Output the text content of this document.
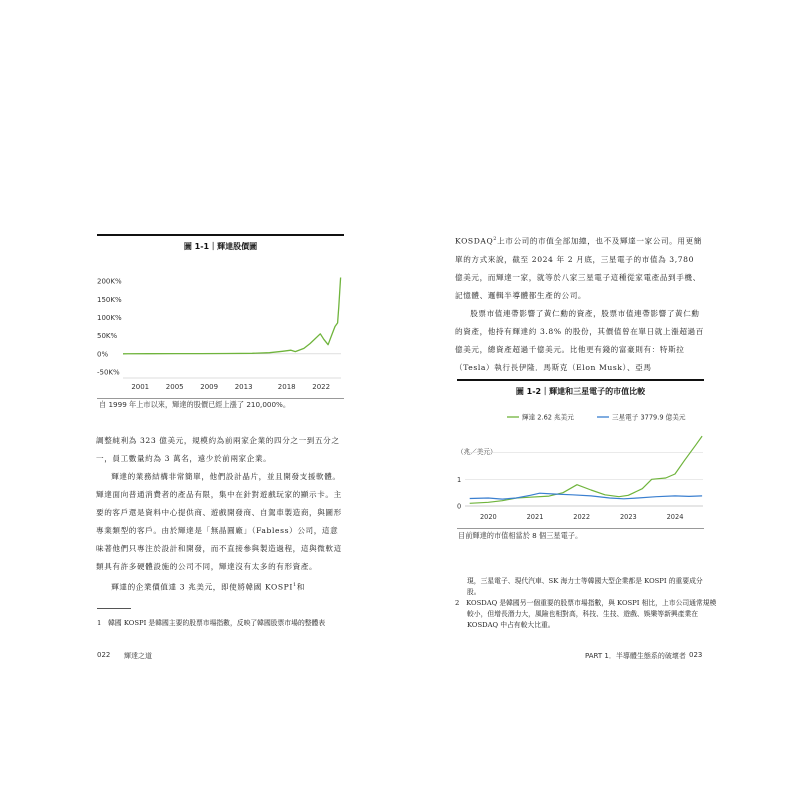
圖 1-1｜輝達股價圖
200K%
150K%
100K%
50K%
0%
-50K%
2001 2005 2009 2013	2018 2022
自 1999 年上市以來，輝達的股價已經上漲了 210,000%。

調整純利為 323 億美元，規模約為前兩家企業的四分之一到五分之一，員工數量約為 3 萬名，遠少於前兩家企業。

輝達的業務結構非常簡單，他們設計晶片，並且開發支援軟體。輝達面向普通消費者的產品有限，集中在針對遊戲玩家的顯示卡。主要的客戶還是資料中心提供商、遊戲開發商、自駕車製造商，與圖形專業類型的客戶。由於輝達是「無晶圓廠」（Fabless）公司，這意味著他們只專注於設計和開發，而不直接參與製造過程，這與微軟這類具有許多硬體設施的公司不同，輝達沒有太多的有形資產。

輝達的企業價值達 3 兆美元，即使將韓國 KOSPI$^1$和

1　韓國 KOSPI 是韓國主要的股票市場指數，反映了韓國股票市場的整體表
022 輝達之道

KOSDAQ$^2$上市公司的市值全部加總，也不及輝達一家公司。用更簡單的方式來說，截至 2024 年 2 月底，三星電子的市值為 3,780 億美元，而輝達一家，就等於八家三星電子這種從家電產品到手機、記憶體、邏輯半導體都生產的公司。

股票市值連帶影響了黃仁勳的資產，股票市值連帶影響了黃仁勳的資產，他持有輝達約 3.8% 的股份，其價值曾在單日就上漲超過百億美元，總資產超過千億美元。比他更有錢的富豪則有：特斯拉（Tesla）執行長伊隆．馬斯克（Elon Musk）、亞馬

圖 1-2｜輝達和三星電子的市值比較
輝達 2.62 兆美元	三星電子 3779.9 億美元
（兆／美元）
1
0
2020	2021	2022	2023	2024
目前輝達的市值相當於 8 個三星電子。
現，三星電子、現代汽車、SK 海力士等韓國大型企業都是 KOSPI 的重要成分股。
2　KOSDAQ 是韓國另一個重要的股票市場指數，與 KOSPI 相比，上市公司通常規模較小，但增長潛力大，風險也相對高，科技、生技、遊戲、娛樂等新興產業在 KOSDAQ 中占有較大比重。
PART 1．半導體生態系的破壞者 023
